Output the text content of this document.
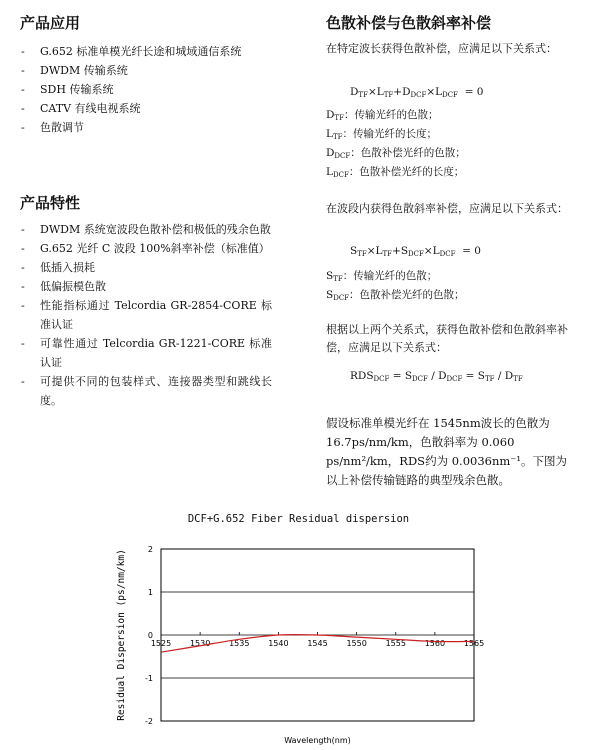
产品应用
- G.652 标准单模光纤长途和城域通信系统
- DWDM 传输系统
- SDH 传输系统
- CATV 有线电视系统
- 色散调节
产品特性
- DWDM 系统宽波段色散补偿和极低的残余色散
- G.652 光纤 C 波段 100%斜率补偿（标准值）
- 低插入损耗
- 低偏振模色散
- 性能指标通过 Telcordia GR-2854-CORE 标准认证
- 可靠性通过 Telcordia GR-1221-CORE 标准认证
- 可提供不同的包装样式、连接器类型和跳线长度。
色散补偿与色散斜率补偿
在特定波长获得色散补偿，应满足以下关系式：
$D_{TF}\times L_{TF}+D_{DCF}\times L_{DCF} = 0$
$D_{TF}$：传输光纤的色散；
$L_{TF}$：传输光纤的长度；
$D_{DCF}$：色散补偿光纤的色散；
$L_{DCF}$：色散补偿光纤的长度；
在波段内获得色散斜率补偿，应满足以下关系式：
$S_{TF}\times L_{TF}+S_{DCF}\times L_{DCF} = 0$
$S_{TF}$：传输光纤的色散；
$S_{DCF}$：色散补偿光纤的色散；
根据以上两个关系式，获得色散补偿和色散斜率补偿，应满足以下关系式：
$RDS_{DCF} = S_{DCF} / D_{DCF} = S_{TF} / D_{TF}$
假设标准单模光纤在 1545nm波长的色散为 16.7ps/nm/km，色散斜率为 0.060 ps/nm²/km，RDS约为 0.0036nm⁻¹。下图为以上补偿传输链路的典型残余色散。
DCF+G.652 Fiber Residual dispersion
2
1
0
-1
-2
1525 1530 1535 1540 1545 1550 1555 1560 1565
Wavelength(nm)
Residual Dispersion (ps/nm/km)
